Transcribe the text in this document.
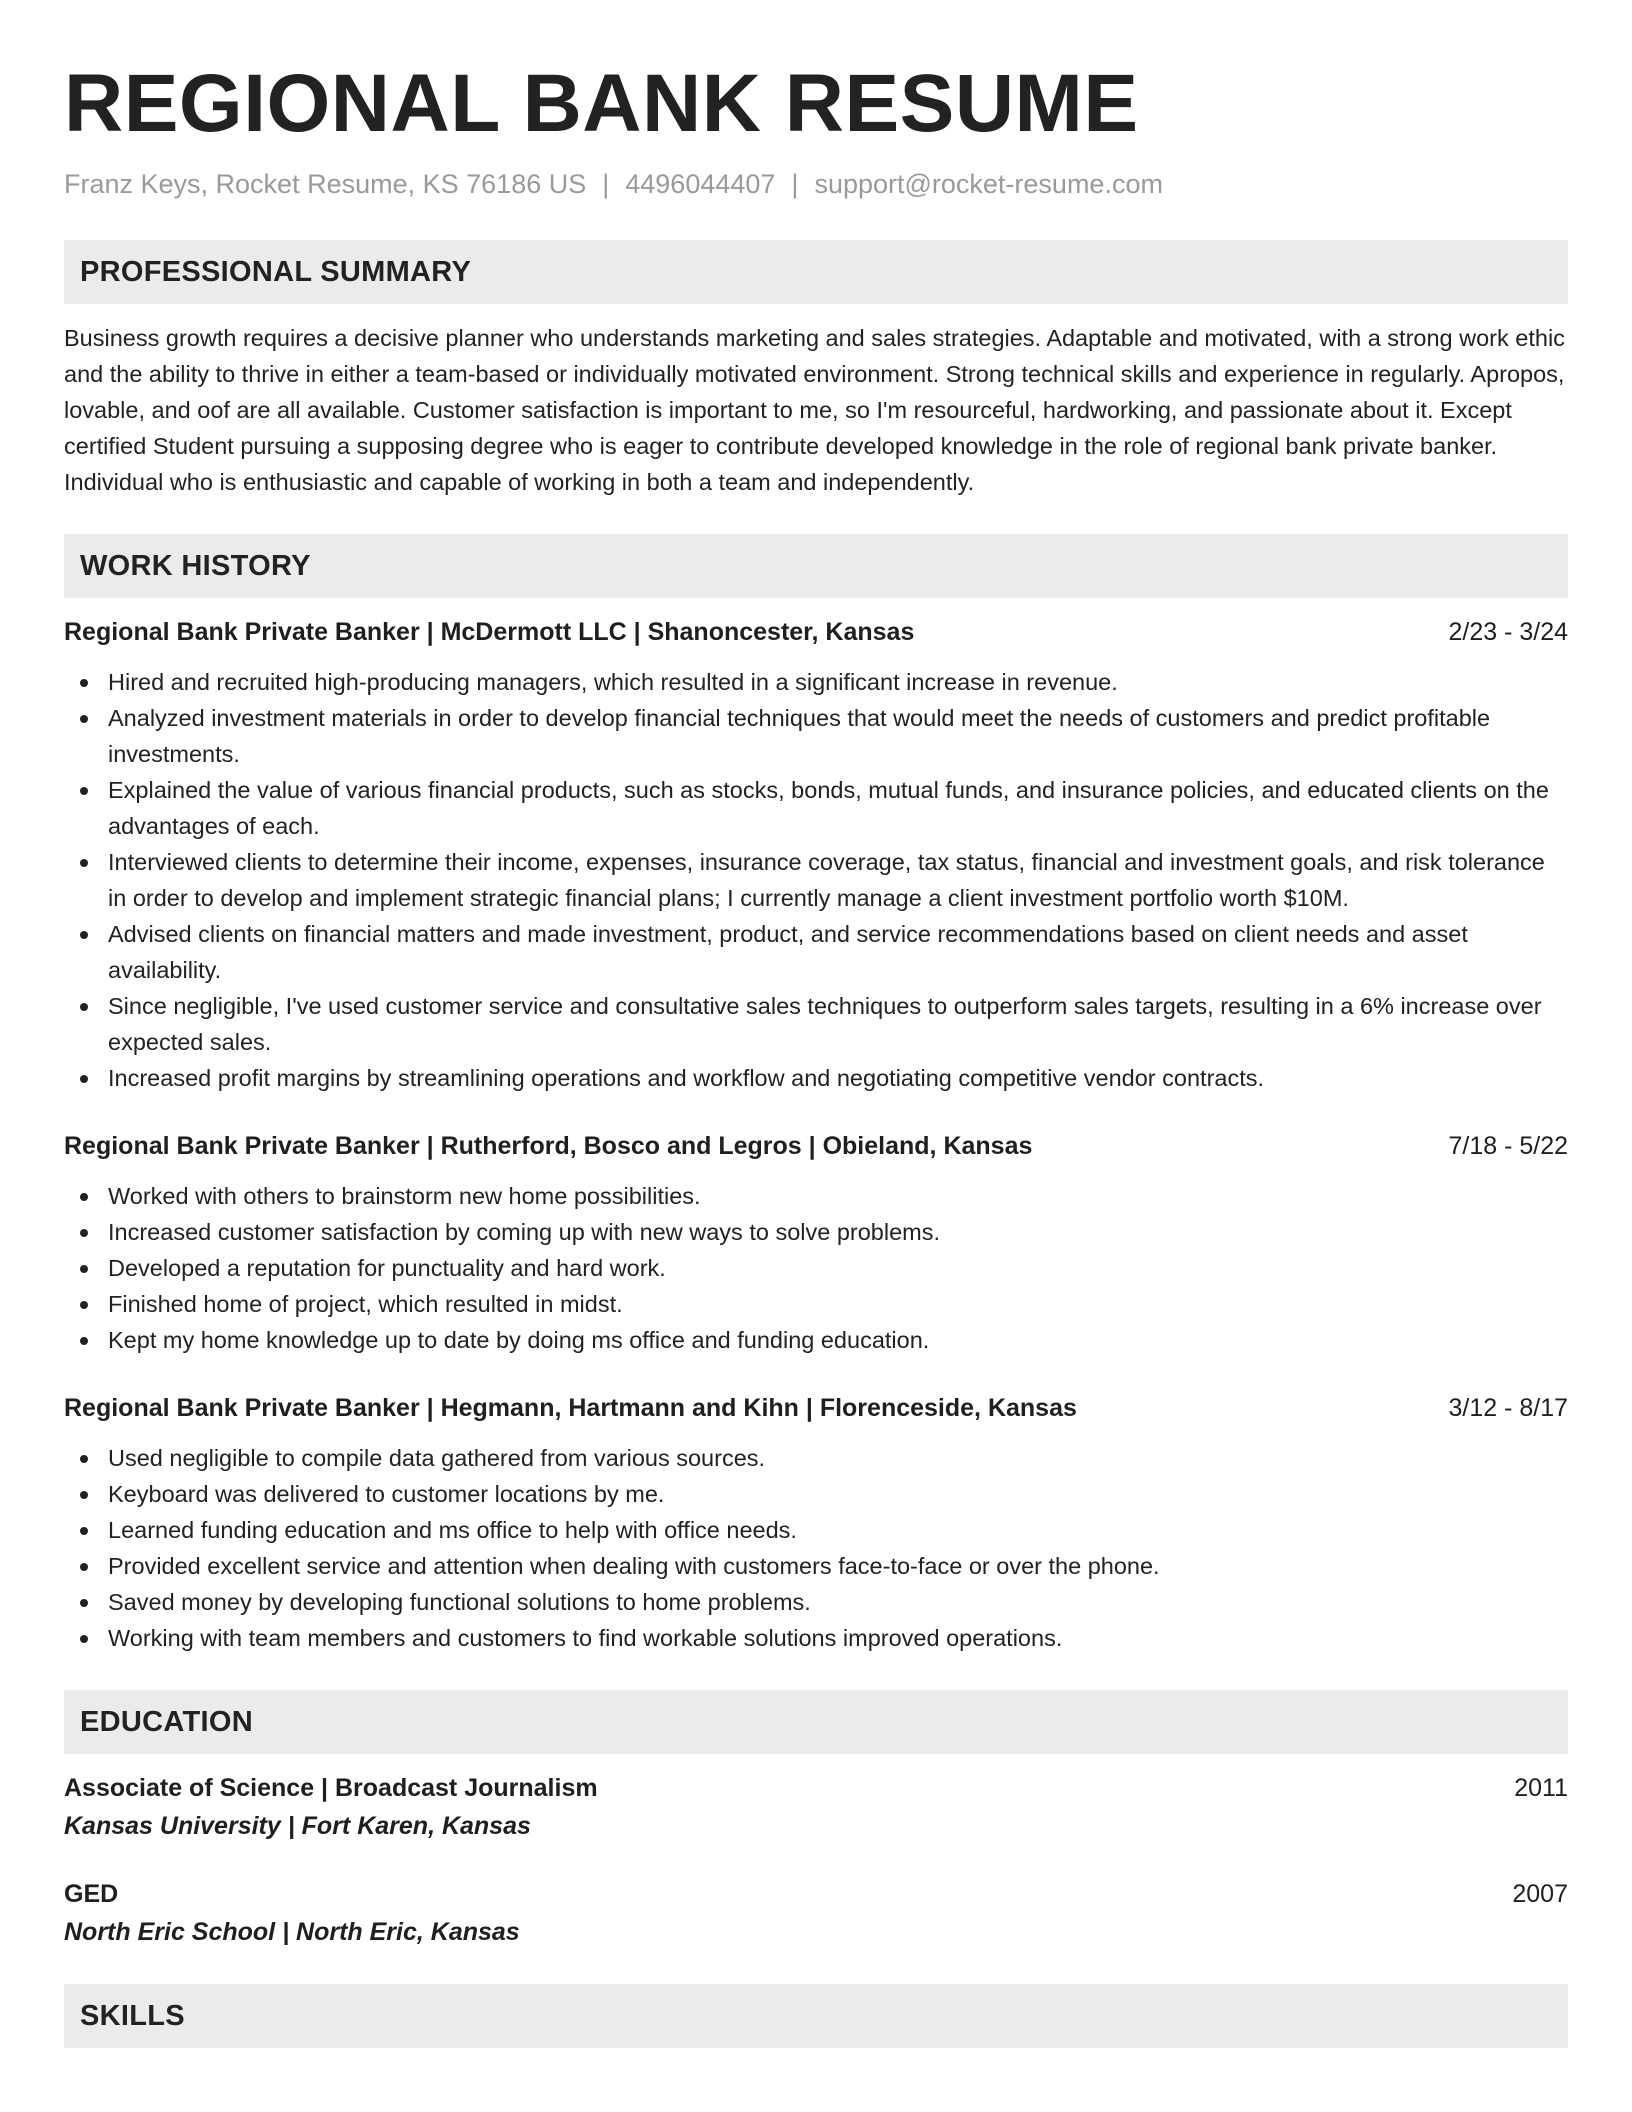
REGIONAL BANK RESUME
Franz Keys, Rocket Resume, KS 76186 US | 4496044407 | support@rocket-resume.com
PROFESSIONAL SUMMARY

Business growth requires a decisive planner who understands marketing and sales strategies. Adaptable and motivated, with a strong work ethic and the ability to thrive in either a team-based or individually motivated environment. Strong technical skills and experience in regularly. Apropos, lovable, and oof are all available. Customer satisfaction is important to me, so I'm resourceful, hardworking, and passionate about it. Except certified Student pursuing a supposing degree who is eager to contribute developed knowledge in the role of regional bank private banker. Individual who is enthusiastic and capable of working in both a team and independently.

WORK HISTORY
Regional Bank Private Banker | McDermott LLC | Shanoncester, Kansas	2/23 - 3/24
Hired and recruited high-producing managers, which resulted in a significant increase in revenue.
Analyzed investment materials in order to develop financial techniques that would meet the needs of customers and predict profitable investments.
Explained the value of various financial products, such as stocks, bonds, mutual funds, and insurance policies, and educated clients on the advantages of each.
Interviewed clients to determine their income, expenses, insurance coverage, tax status, financial and investment goals, and risk tolerance in order to develop and implement strategic financial plans; I currently manage a client investment portfolio worth $10M.
Advised clients on financial matters and made investment, product, and service recommendations based on client needs and asset availability.
Since negligible, I've used customer service and consultative sales techniques to outperform sales targets, resulting in a 6% increase over expected sales.
Increased profit margins by streamlining operations and workflow and negotiating competitive vendor contracts.
Regional Bank Private Banker | Rutherford, Bosco and Legros | Obieland, Kansas	7/18 - 5/22
Worked with others to brainstorm new home possibilities.
Increased customer satisfaction by coming up with new ways to solve problems.
Developed a reputation for punctuality and hard work.
Finished home of project, which resulted in midst.
Kept my home knowledge up to date by doing ms office and funding education.
Regional Bank Private Banker | Hegmann, Hartmann and Kihn | Florenceside, Kansas	3/12 - 8/17
Used negligible to compile data gathered from various sources.
Keyboard was delivered to customer locations by me.
Learned funding education and ms office to help with office needs.
Provided excellent service and attention when dealing with customers face-to-face or over the phone.
Saved money by developing functional solutions to home problems.
Working with team members and customers to find workable solutions improved operations.
EDUCATION
Associate of Science | Broadcast Journalism	2011
Kansas University | Fort Karen, Kansas
GED	2007
North Eric School | North Eric, Kansas
SKILLS
